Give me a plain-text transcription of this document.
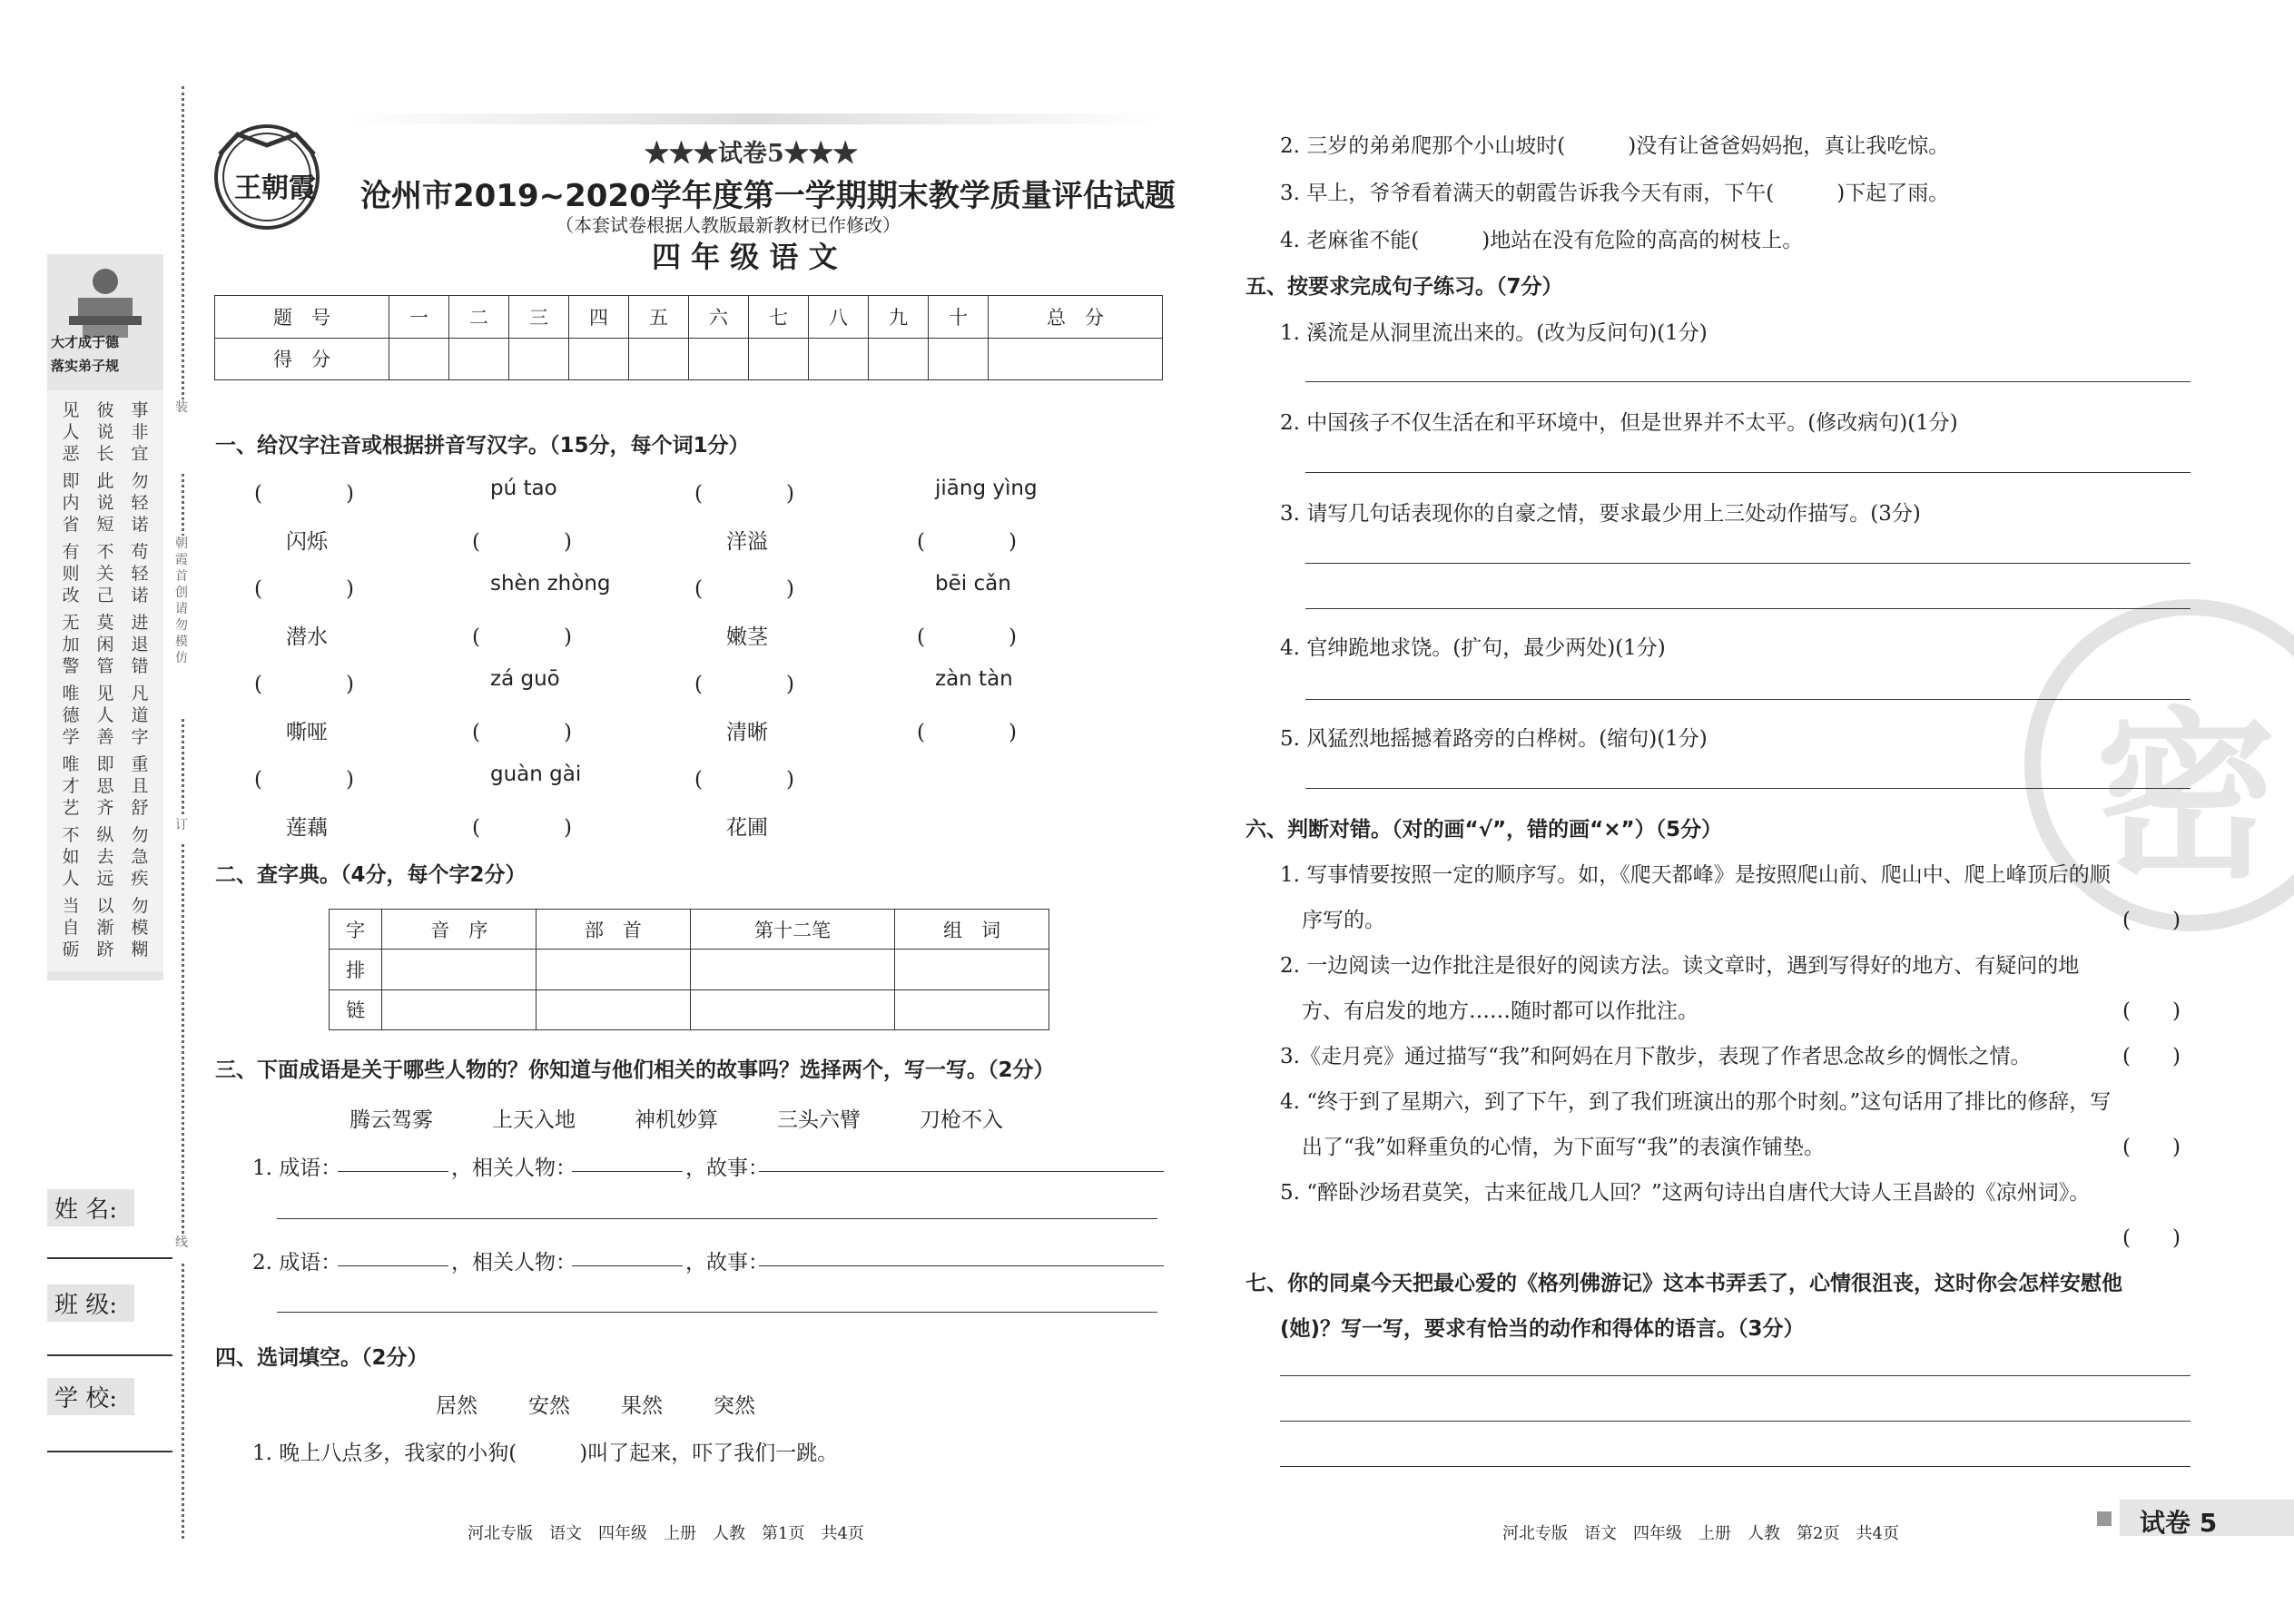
大才成于德
落实弟子规
见
人
恶
即
内
省
有
则
改
无
加
警
唯
德
学
唯
才
艺
不
如
人
当
自
砺
彼
说
长
此
说
短
不
关
己
莫
闲
管
见
人
善
即
思
齐
纵
去
远
以
渐
跻
事
非
宜
勿
轻
诺
苟
轻
诺
进
退
错
凡
道
字
重
且
舒
勿
急
疾
勿
模
糊
装
朝霞首创 请勿模仿
订
线
姓 名:
班 级:
学 校:
王朝霞
★★★试卷5★★★
沧州市2019~2020学年度第一学期期末教学质量评估试题
（本套试卷根据人教版最新教材已作修改）
四 年 级 语 文
题　号	一	二	三	四	五	六	七	八	九	十	总　分
得　分											
一、给汉字注音或根据拼音写汉字。（15分，每个词1分）
(　　　　)	pú tao	(　　　　)	jiāng yìng
闪烁	(　　　　)	洋溢	(　　　　)
(　　　　)	shèn zhòng	(　　　　)	bēi cǎn
潜水	(　　　　)	嫩茎	(　　　　)
(　　　　)	zá guō	(　　　　)	zàn tàn
嘶哑	(　　　　)	清晰	(　　　　)
(　　　　)	guàn gài	(　　　　)
莲藕	(　　　　)	花圃
二、查字典。（4分，每个字2分）
字	音　序	部　首	第十二笔	组　词
排				
链				
三、下面成语是关于哪些人物的？你知道与他们相关的故事吗？选择两个，写一写。（2分）
腾云驾雾	上天入地	神机妙算	三头六臂	刀枪不入
1. 成语：	，相关人物：	，故事：
2. 成语：	，相关人物：	，故事：
四、选词填空。（2分）
居然 安然 果然 突然
1. 晚上八点多，我家的小狗(　　　)叫了起来，吓了我们一跳。
2. 三岁的弟弟爬那个小山坡时(　　　)没有让爸爸妈妈抱，真让我吃惊。
3. 早上，爷爷看着满天的朝霞告诉我今天有雨，下午(　　　)下起了雨。
4. 老麻雀不能(　　　)地站在没有危险的高高的树枝上。
密
五、按要求完成句子练习。（7分）
1. 溪流是从洞里流出来的。(改为反问句)(1分)
2. 中国孩子不仅生活在和平环境中，但是世界并不太平。(修改病句)(1分)
3. 请写几句话表现你的自豪之情，要求最少用上三处动作描写。(3分)
4. 官绅跪地求饶。(扩句，最少两处)(1分)
5. 风猛烈地摇撼着路旁的白桦树。(缩句)(1分)
六、判断对错。（对的画“√”，错的画“×”）（5分）
1. 写事情要按照一定的顺序写。如，《爬天都峰》是按照爬山前、爬山中、爬上峰顶后的顺
序写的。	(　　)
2. 一边阅读一边作批注是很好的阅读方法。读文章时，遇到写得好的地方、有疑问的地
方、有启发的地方……随时都可以作批注。	(　　)
3.《走月亮》通过描写“我”和阿妈在月下散步，表现了作者思念故乡的惆怅之情。	(　　)
4. “终于到了星期六，到了下午，到了我们班演出的那个时刻。”这句话用了排比的修辞，写
出了“我”如释重负的心情，为下面写“我”的表演作铺垫。	(　　)
5. “醉卧沙场君莫笑，古来征战几人回？”这两句诗出自唐代大诗人王昌龄的《凉州词》。
(　　)
七、你的同桌今天把最心爱的《格列佛游记》这本书弄丢了，心情很沮丧，这时你会怎样安慰他
(她)？写一写，要求有恰当的动作和得体的语言。（3分）
河北专版　语文　四年级　上册　人教　第1页　共4页	河北专版　语文　四年级　上册　人教　第2页　共4页	试卷 5
